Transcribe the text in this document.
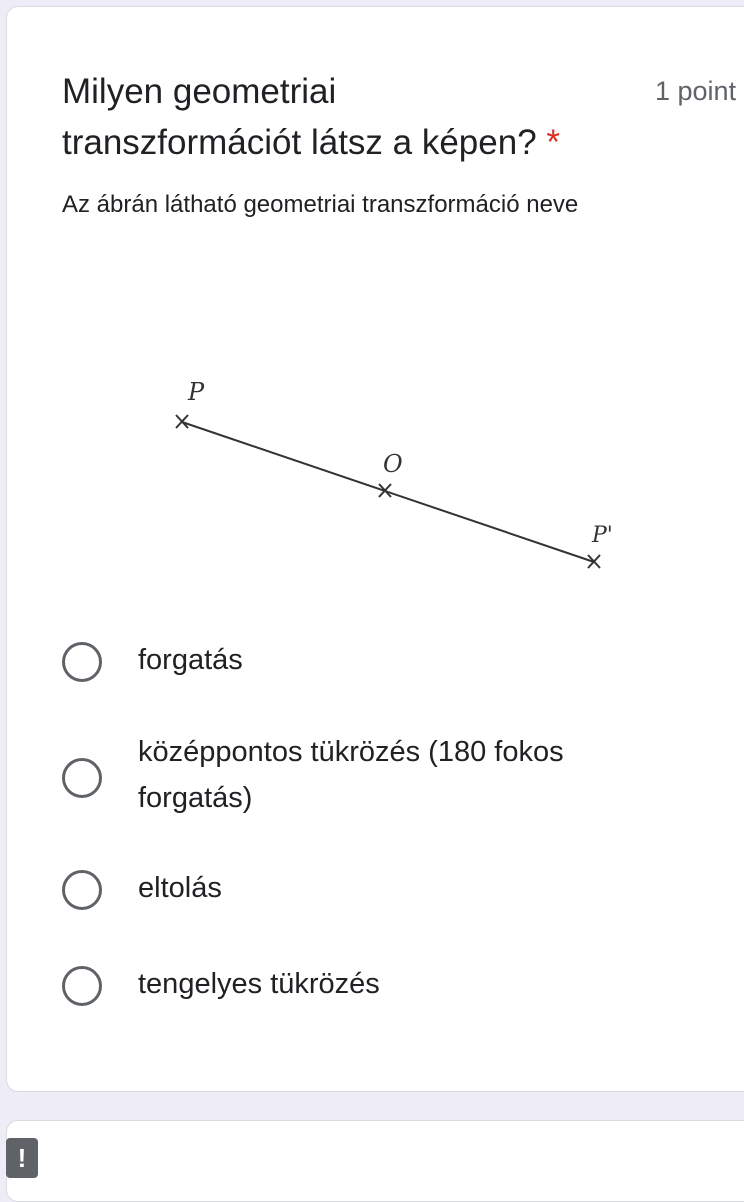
Milyen geometriai
transzformációt látsz a képen? *
1 point
Az ábrán látható geometriai transzformáció neve
P
O
P'
forgatás
középpontos tükrözés (180 fokos forgatás)
eltolás
tengelyes tükrözés
!
